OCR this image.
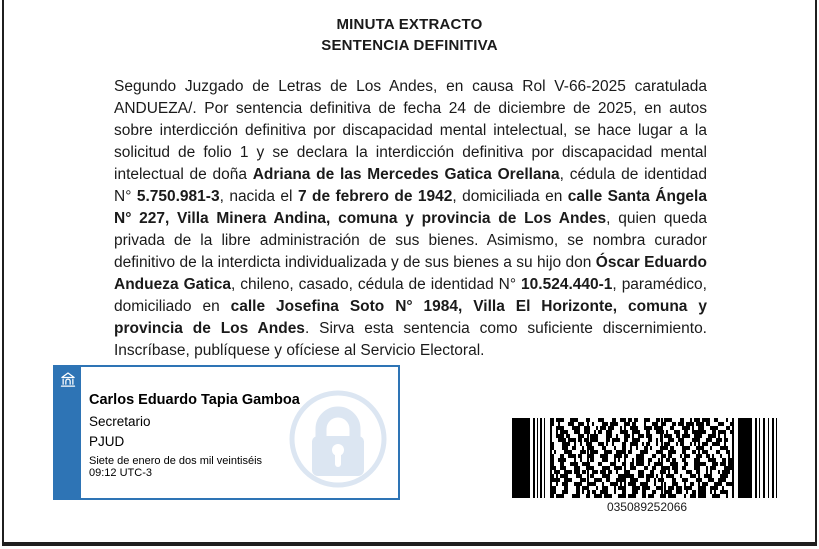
MINUTA EXTRACTO
SENTENCIA DEFINITIVA

Segundo Juzgado de Letras de Los Andes, en causa Rol V-66-2025 caratulada ANDUEZA/. Por sentencia definitiva de fecha 24 de diciembre de 2025, en autos sobre interdicción definitiva por discapacidad mental intelectual, se hace lugar a la solicitud de folio 1 y se declara la interdicción definitiva por discapacidad mental intelectual de doña Adriana de las Mercedes Gatica Orellana, cédula de identidad N° 5.750.981-3, nacida el 7 de febrero de 1942, domiciliada en calle Santa Ángela N° 227, Villa Minera Andina, comuna y provincia de Los Andes, quien queda privada de la libre administración de sus bienes. Asimismo, se nombra curador definitivo de la interdicta individualizada y de sus bienes a su hijo don Óscar Eduardo Andueza Gatica, chileno, casado, cédula de identidad N° 10.524.440-1, paramédico, domiciliado en calle Josefina Soto N° 1984, Villa El Horizonte, comuna y provincia de Los Andes. Sirva esta sentencia como suficiente discernimiento. Inscríbase, publíquese y ofíciese al Servicio Electoral.

Carlos Eduardo Tapia Gamboa
Secretario
PJUD
Siete de enero de dos mil veintiséis
09:12 UTC-3
035089252066
